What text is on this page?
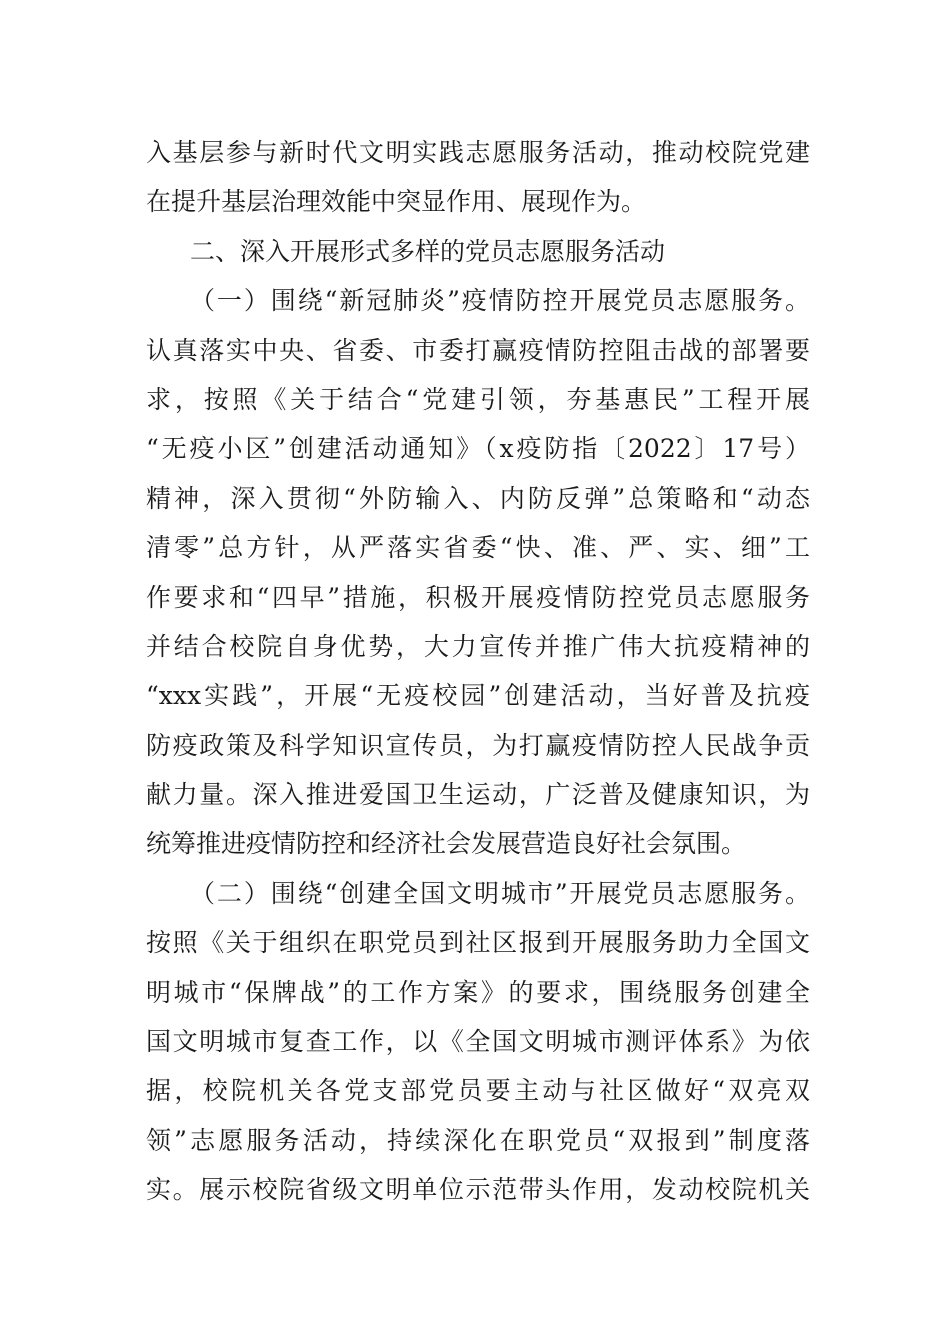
入基层参与新时代文明实践志愿服务活动，推动校院党建
在提升基层治理效能中突显作用、展现作为。
二、深入开展形式多样的党员志愿服务活动
（一）围绕“新冠肺炎”疫情防控开展党员志愿服务。
认真落实中央、省委、市委打赢疫情防控阻击战的部署要
求，按照《关于结合“党建引领，夯基惠民”工程开展
“无疫小区”创建活动通知》（x疫防指〔2022〕17号）
精神，深入贯彻“外防输入、内防反弹”总策略和“动态
清零”总方针，从严落实省委“快、准、严、实、细”工
作要求和“四早”措施，积极开展疫情防控党员志愿服务
并结合校院自身优势，大力宣传并推广伟大抗疫精神的
“xxx实践”，开展“无疫校园”创建活动，当好普及抗疫
防疫政策及科学知识宣传员，为打赢疫情防控人民战争贡
献力量。深入推进爱国卫生运动，广泛普及健康知识，为
统筹推进疫情防控和经济社会发展营造良好社会氛围。
（二）围绕“创建全国文明城市”开展党员志愿服务。
按照《关于组织在职党员到社区报到开展服务助力全国文
明城市“保牌战”的工作方案》的要求，围绕服务创建全
国文明城市复查工作，以《全国文明城市测评体系》为依
据，校院机关各党支部党员要主动与社区做好“双亮双
领”志愿服务活动，持续深化在职党员“双报到”制度落
实。展示校院省级文明单位示范带头作用，发动校院机关
